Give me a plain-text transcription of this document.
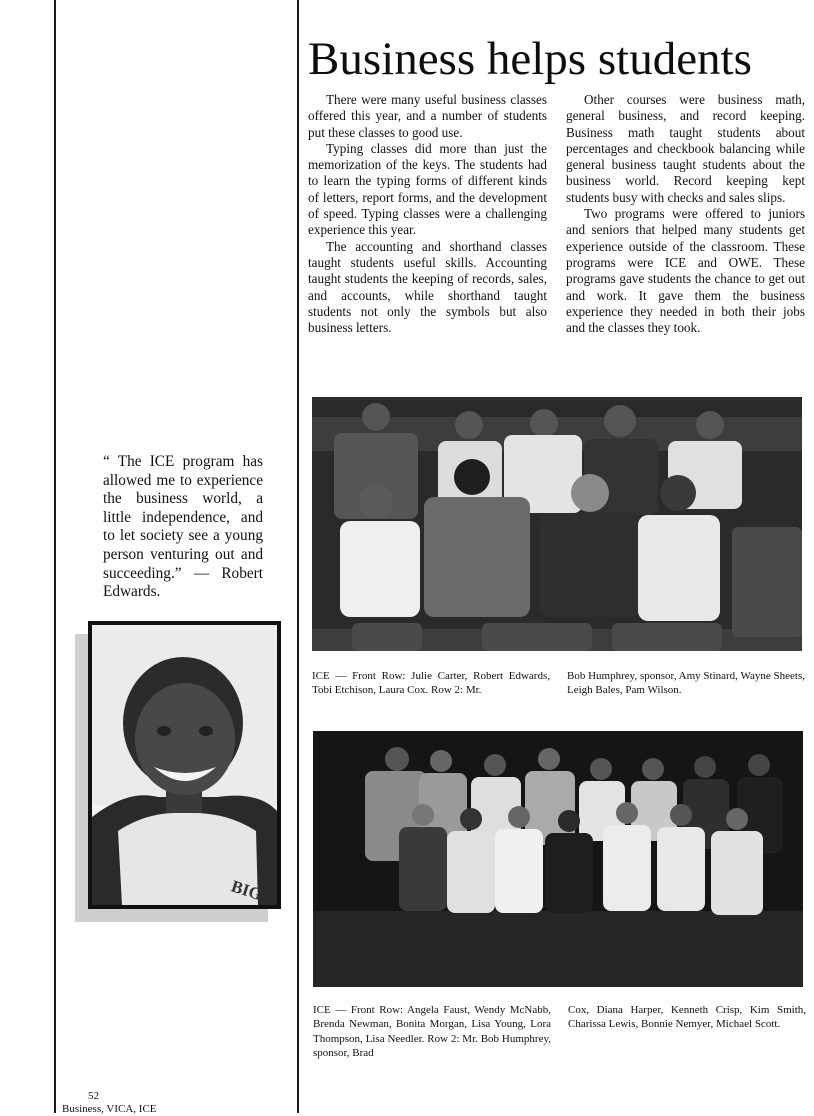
Business helps students

There were many useful business classes offered this year, and a number of students put these classes to good use.

Typing classes did more than just the memorization of the keys. The students had to learn the typing forms of different kinds of letters, report forms, and the development of speed. Typing classes were a challenging experience this year.

The accounting and shorthand classes taught students useful skills. Accounting taught students the keeping of records, sales, and accounts, while shorthand taught students not only the symbols but also business letters.

Other courses were business math, general business, and record keeping. Business math taught students about percentages and checkbook balancing while general business taught students about the business world. Record keeping kept students busy with checks and sales slips.

Two programs were offered to juniors and seniors that helped many students get experience outside of the classroom. These programs were ICE and OWE. These programs gave students the chance to get out and work. It gave them the business experience they needed in both their jobs and the classes they took.

“ The ICE program has allowed me to experience the business world, a little independence, and to let society see a young person venturing out and succeeding.” — Robert Edwards.
BIG
ICE — Front Row: Julie Carter, Robert Edwards, Tobi Etchison, Laura Cox. Row 2: Mr.
Bob Humphrey, sponsor, Amy Stinard, Wayne Sheets, Leigh Bales, Pam Wilson.
ICE — Front Row: Angela Faust, Wendy McNabb, Brenda Newman, Bonita Morgan, Lisa Young, Lora Thompson, Lisa Needler. Row 2: Mr. Bob Humphrey, sponsor, Brad
Cox, Diana Harper, Kenneth Crisp, Kim Smith, Charissa Lewis, Bonnie Nemyer, Michael Scott.
52
Business, VICA, ICE
